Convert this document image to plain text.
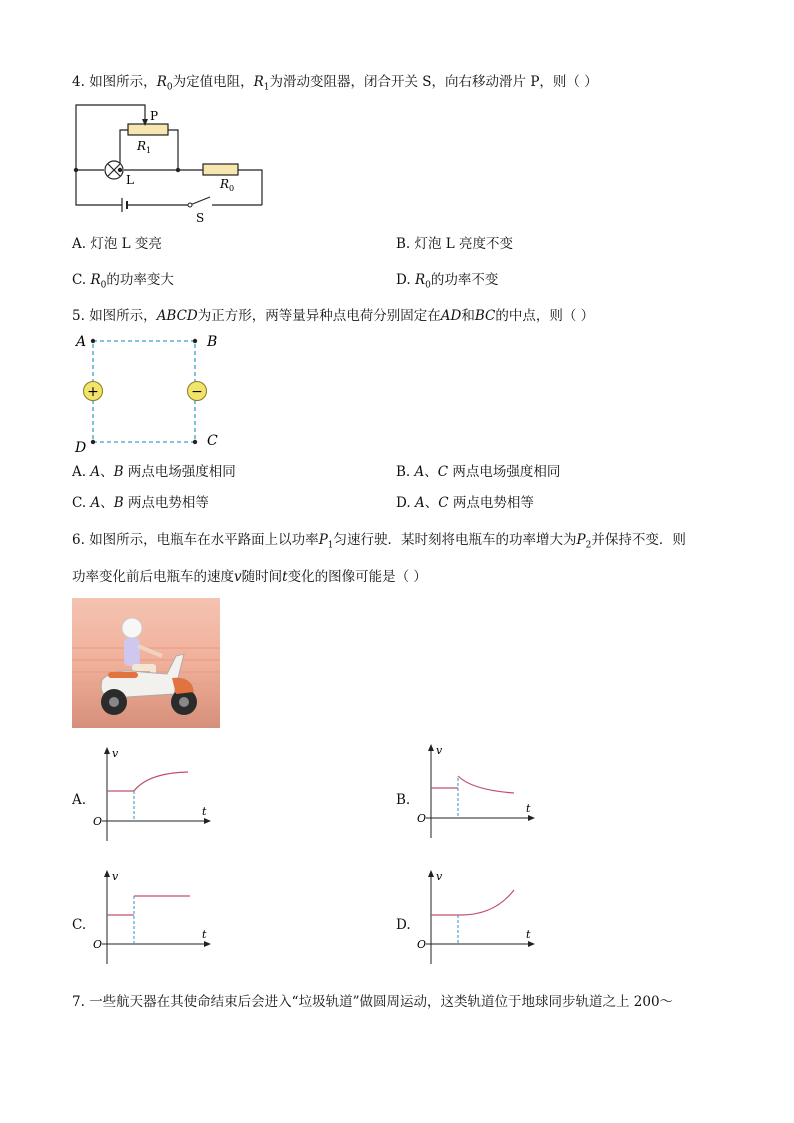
4. 如图所示，$R_0$为定值电阻，$R_1$为滑动变阻器，闭合开关 S，向右移动滑片 P，则（ ）
P
R 1
L	R 0
S
A. 灯泡 L 变亮	B. 灯泡 L 亮度不变
C. $R_0$的功率变大	D. $R_0$的功率不变
5. 如图所示，ABCD为正方形，两等量异种点电荷分别固定在AD和BC的中点，则（ ）
+	−
A	B
C
D
A. A、B 两点电场强度相同	B. A、C 两点电场强度相同
C. A、B 两点电势相等	D. A、C 两点电势相等
6. 如图所示，电瓶车在水平路面上以功率$P_1$匀速行驶．某时刻将电瓶车的功率增大为$P_2$并保持不变．则
功率变化前后电瓶车的速度v随时间t变化的图像可能是（ ）
v
t
O
A.
v
t
O
B.
v
t
O
C.
v
t
O
D.
7. 一些航天器在其使命结束后会进入“垃圾轨道”做圆周运动，这类轨道位于地球同步轨道之上 200～
